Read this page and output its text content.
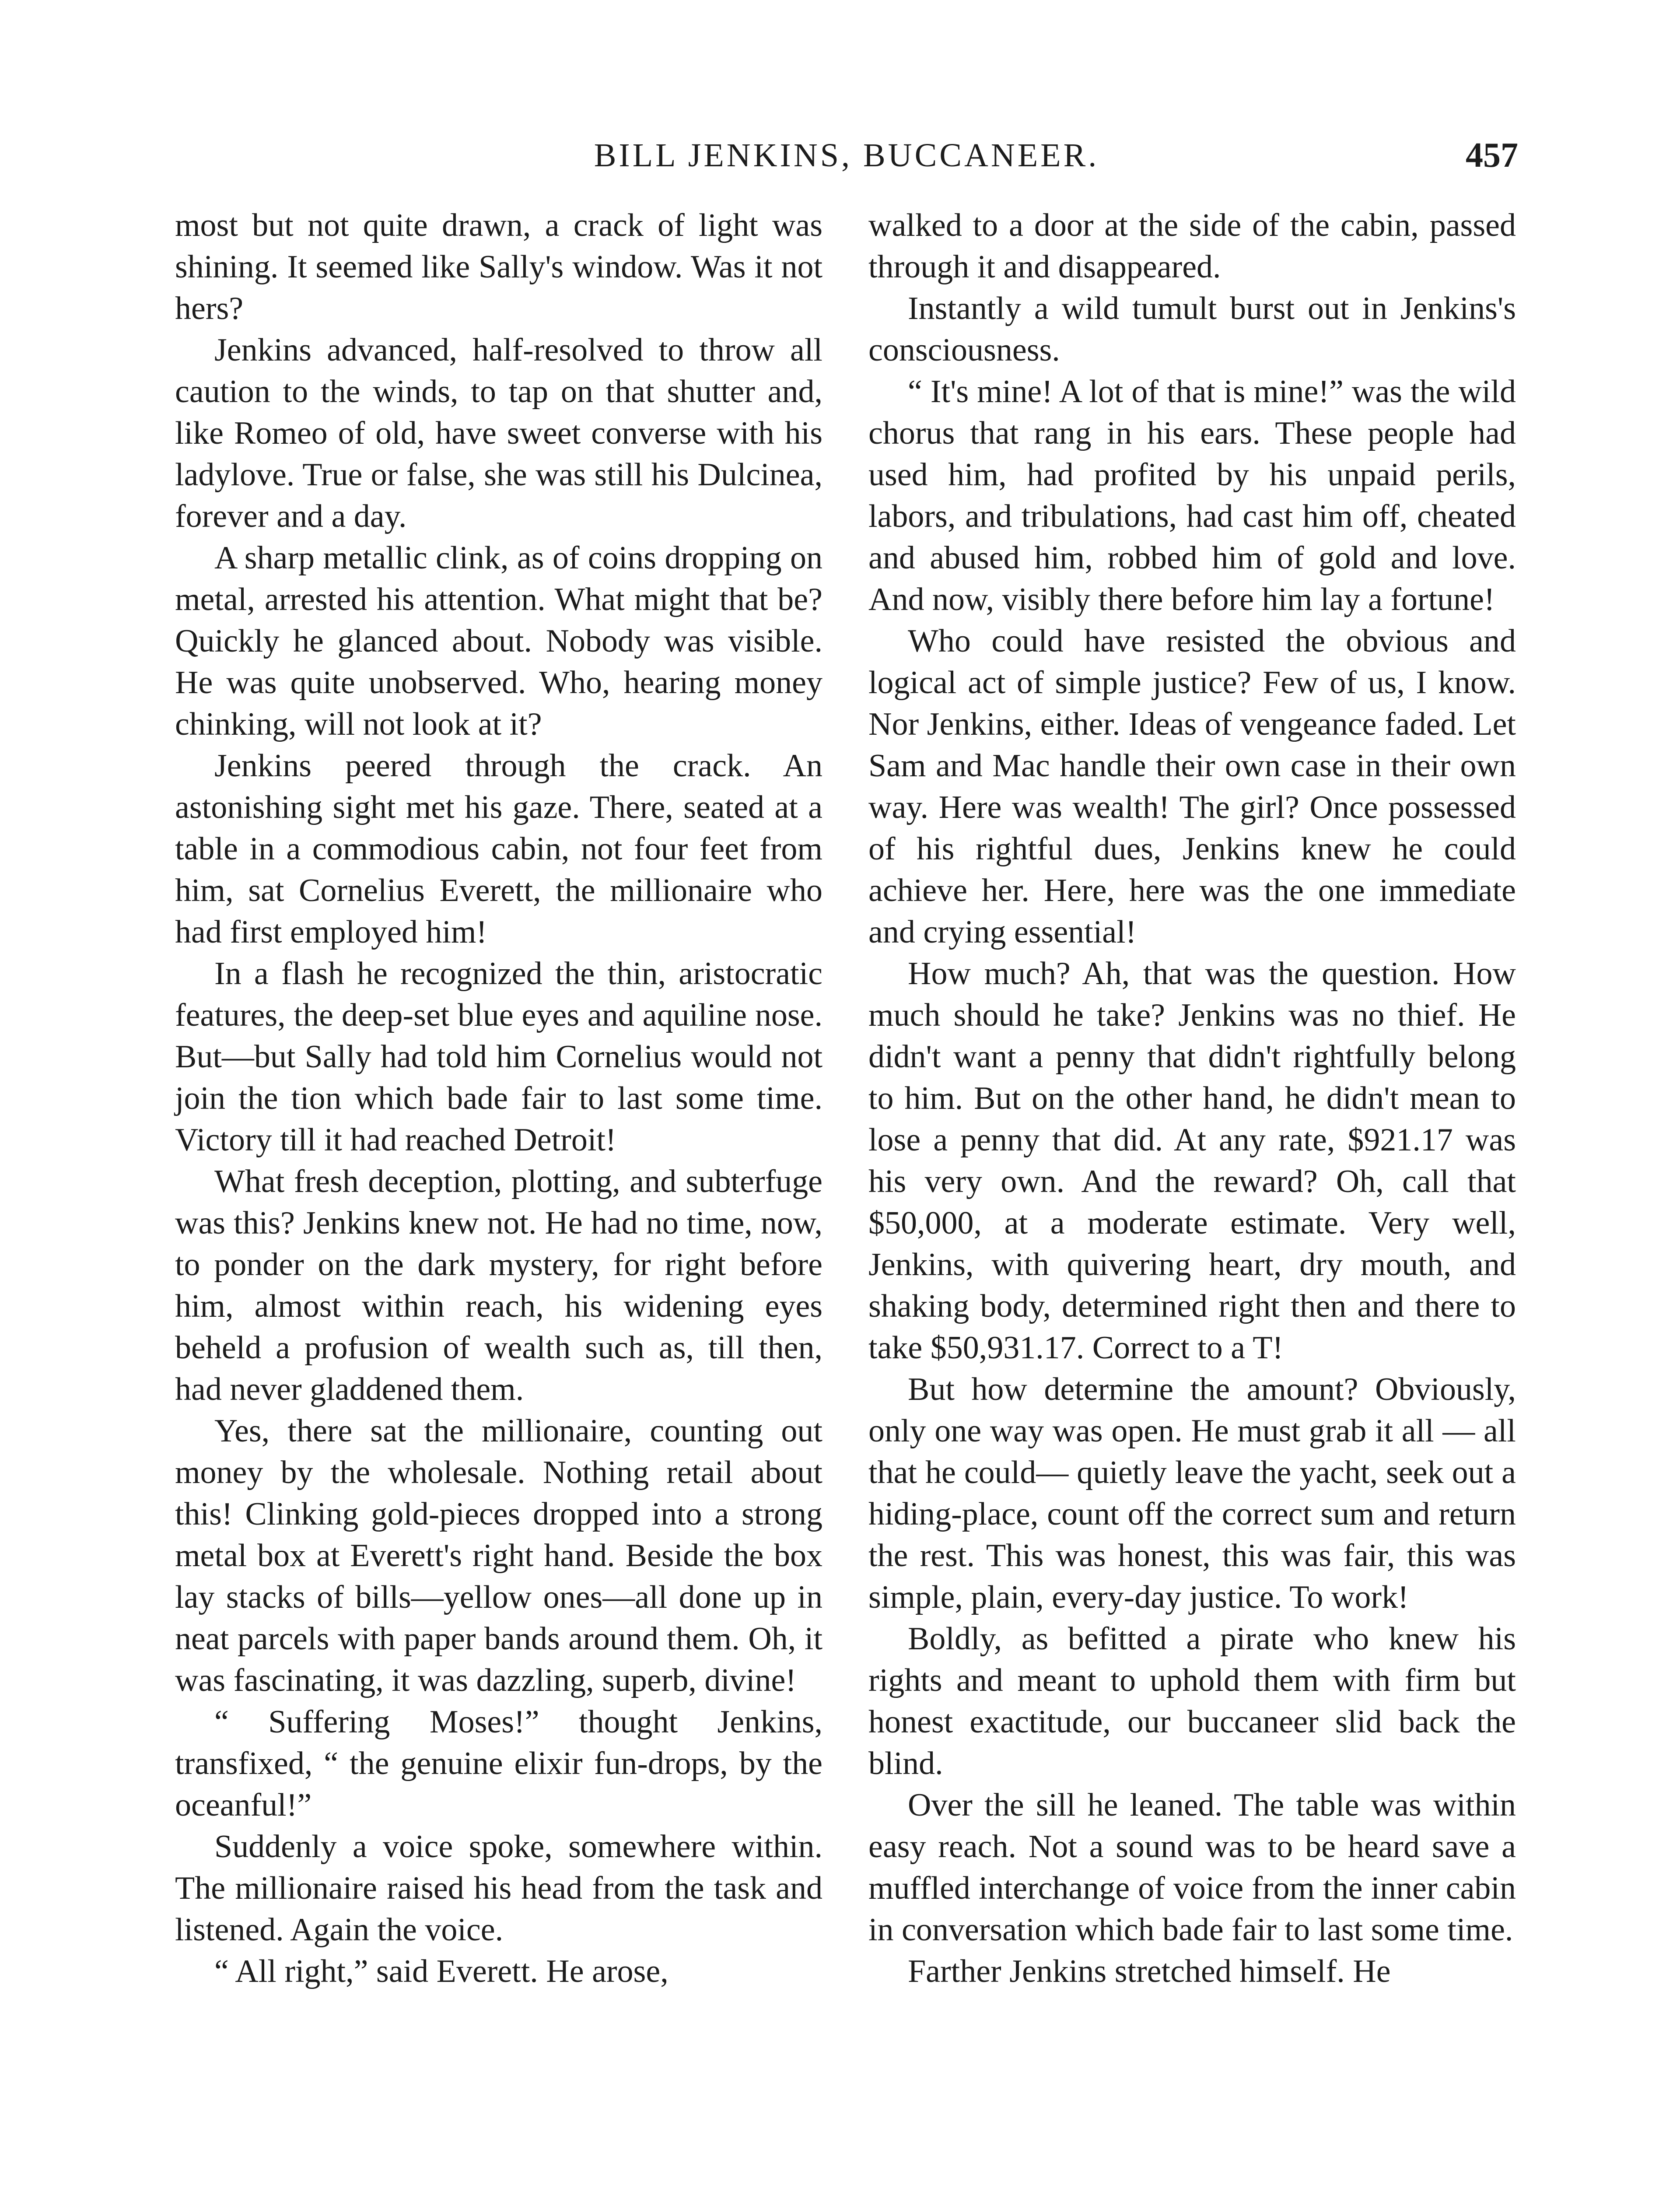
BILL JENKINS, BUCCANEER.	457

most but not quite drawn, a crack of light was shining. It seemed like Sally's window. Was it not hers?

Jenkins advanced, half-resolved to throw all caution to the winds, to tap on that shutter and, like Romeo of old, have sweet converse with his ladylove. True or false, she was still his Dulcinea, forever and a day.

A sharp metallic clink, as of coins dropping on metal, arrested his attention. What might that be? Quickly he glanced about. Nobody was visible. He was quite unobserved. Who, hearing money chinking, will not look at it?

Jenkins peered through the crack. An astonishing sight met his gaze. There, seated at a table in a commodious cabin, not four feet from him, sat Cornelius Everett, the millionaire who had first employed him!

In a flash he recognized the thin, aristocratic features, the deep-set blue eyes and aquiline nose. But—but Sally had told him Cornelius would not join the tion which bade fair to last some time. Victory till it had reached Detroit!

What fresh deception, plotting, and subterfuge was this? Jenkins knew not. He had no time, now, to ponder on the dark mystery, for right before him, almost within reach, his widening eyes beheld a profusion of wealth such as, till then, had never gladdened them.

Yes, there sat the millionaire, counting out money by the wholesale. Nothing retail about this! Clinking gold-pieces dropped into a strong metal box at Everett's right hand. Beside the box lay stacks of bills—yellow ones—all done up in neat parcels with paper bands around them. Oh, it was fascinating, it was dazzling, superb, divine!

“ Suffering Moses!” thought Jenkins, transfixed, “ the genuine elixir fun-drops, by the oceanful!”

Suddenly a voice spoke, somewhere within. The millionaire raised his head from the task and listened. Again the voice.

“ All right,” said Everett. He arose,

walked to a door at the side of the cabin, passed through it and disappeared.

Instantly a wild tumult burst out in Jenkins's consciousness.

“ It's mine! A lot of that is mine!” was the wild chorus that rang in his ears. These people had used him, had profited by his unpaid perils, labors, and tribulations, had cast him off, cheated and abused him, robbed him of gold and love. And now, visibly there before him lay a fortune!

Who could have resisted the obvious and logical act of simple justice? Few of us, I know. Nor Jenkins, either. Ideas of vengeance faded. Let Sam and Mac handle their own case in their own way. Here was wealth! The girl? Once possessed of his rightful dues, Jenkins knew he could achieve her. Here, here was the one immediate and crying essential!

How much? Ah, that was the question. How much should he take? Jenkins was no thief. He didn't want a penny that didn't rightfully belong to him. But on the other hand, he didn't mean to lose a penny that did. At any rate, $921.17 was his very own. And the reward? Oh, call that $50,000, at a moderate estimate. Very well, Jenkins, with quivering heart, dry mouth, and shaking body, determined right then and there to take $50,931.17. Correct to a T!

But how determine the amount? Obviously, only one way was open. He must grab it all — all that he could— quietly leave the yacht, seek out a hiding-place, count off the correct sum and return the rest. This was honest, this was fair, this was simple, plain, every-day justice. To work!

Boldly, as befitted a pirate who knew his rights and meant to uphold them with firm but honest exactitude, our buccaneer slid back the blind.

Over the sill he leaned. The table was within easy reach. Not a sound was to be heard save a muffled interchange of voice from the inner cabin in conversation which bade fair to last some time.

Farther Jenkins stretched himself. He
